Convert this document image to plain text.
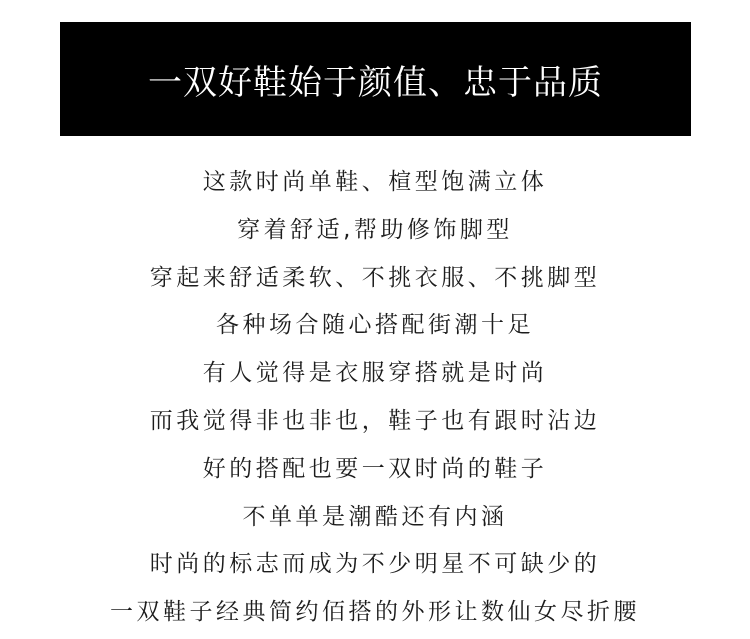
一双好鞋始于颜值、忠于品质
这款时尚单鞋、楦型饱满立体
穿着舒适,帮助修饰脚型
穿起来舒适柔软、不挑衣服、不挑脚型
各种场合随心搭配街潮十足
有人觉得是衣服穿搭就是时尚
而我觉得非也非也，鞋子也有跟时沾边
好的搭配也要一双时尚的鞋子
不单单是潮酷还有内涵
时尚的标志而成为不少明星不可缺少的
一双鞋子经典简约佰搭的外形让数仙女尽折腰
